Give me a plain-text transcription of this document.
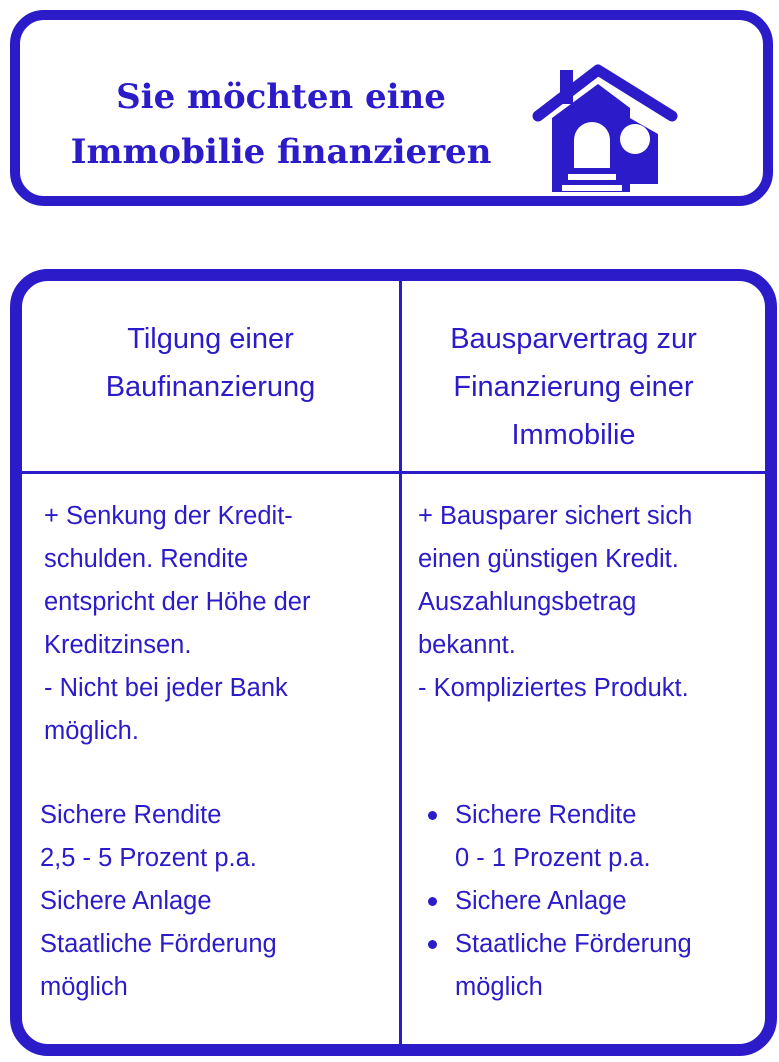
Sie möchten eine
Immobilie finanzieren
Tilgung einer
Baufinanzierung
Bausparvertrag zur
Finanzierung einer
Immobilie
+ Senkung der Kredit-
schulden. Rendite
entspricht der Höhe der
Kreditzinsen.
- Nicht bei jeder Bank
möglich.
+ Bausparer sichert sich
einen günstigen Kredit.
Auszahlungsbetrag
bekannt.
- Kompliziertes Produkt.
Sichere Rendite
2,5 - 5 Prozent p.a.
Sichere Anlage
Staatliche Förderung
möglich
Sichere Rendite
0 - 1 Prozent p.a.
Sichere Anlage
Staatliche Förderung
möglich
